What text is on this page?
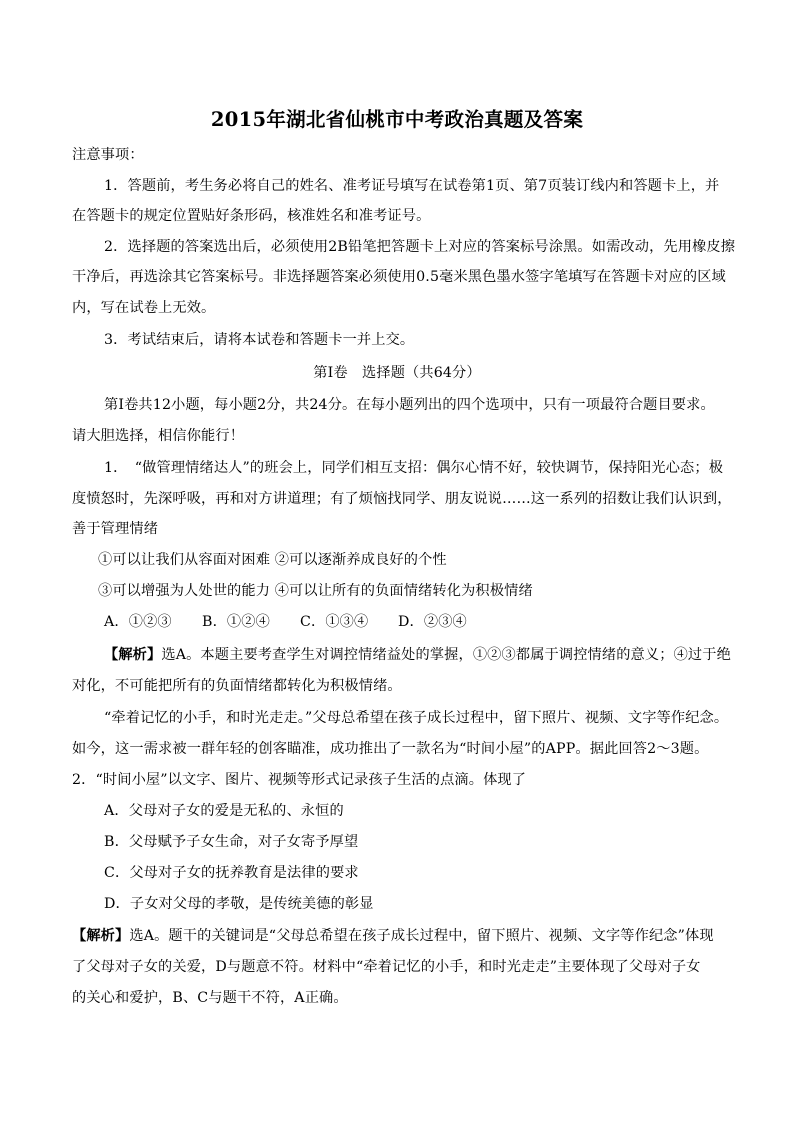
2015年湖北省仙桃市中考政治真题及答案
注意事项：
1．答题前，考生务必将自己的姓名、准考证号填写在试卷第1页、第7页装订线内和答题卡上，并
在答题卡的规定位置贴好条形码，核准姓名和准考证号。
2．选择题的答案选出后，必须使用2B铅笔把答题卡上对应的答案标号涂黑。如需改动，先用橡皮擦
干净后，再选涂其它答案标号。非选择题答案必须使用0.5毫米黑色墨水签字笔填写在答题卡对应的区域
内，写在试卷上无效。
3．考试结束后，请将本试卷和答题卡一并上交。
第Ⅰ卷　选择题（共64分）
第Ⅰ卷共12小题，每小题2分，共24分。在每小题列出的四个选项中，只有一项最符合题目要求。
请大胆选择，相信你能行！
1．　“做管理情绪达人”的班会上，同学们相互支招：偶尔心情不好，较快调节，保持阳光心态；极
度愤怒时，先深呼吸，再和对方讲道理；有了烦恼找同学、朋友说说……这一系列的招数让我们认识到，
善于管理情绪
①可以让我们从容面对困难 ②可以逐渐养成良好的个性
③可以增强为人处世的能力 ④可以让所有的负面情绪转化为积极情绪
A．①②③ B．①②④ C．①③④ D．②③④
【解析】选A。本题主要考查学生对调控情绪益处的掌握，①②③都属于调控情绪的意义；④过于绝
对化，不可能把所有的负面情绪都转化为积极情绪。
“牵着记忆的小手，和时光走走。”父母总希望在孩子成长过程中，留下照片、视频、文字等作纪念。
如今，这一需求被一群年轻的创客瞄准，成功推出了一款名为“时间小屋”的APP。据此回答2～3题。
2．“时间小屋”以文字、图片、视频等形式记录孩子生活的点滴。体现了
A．父母对子女的爱是无私的、永恒的
B．父母赋予子女生命，对子女寄予厚望
C．父母对子女的抚养教育是法律的要求
D．子女对父母的孝敬，是传统美德的彰显
【解析】选A。题干的关键词是“父母总希望在孩子成长过程中，留下照片、视频、文字等作纪念”体现
了父母对子女的关爱，D与题意不符。材料中“牵着记忆的小手，和时光走走”主要体现了父母对子女
的关心和爱护，B、C与题干不符，A正确。
